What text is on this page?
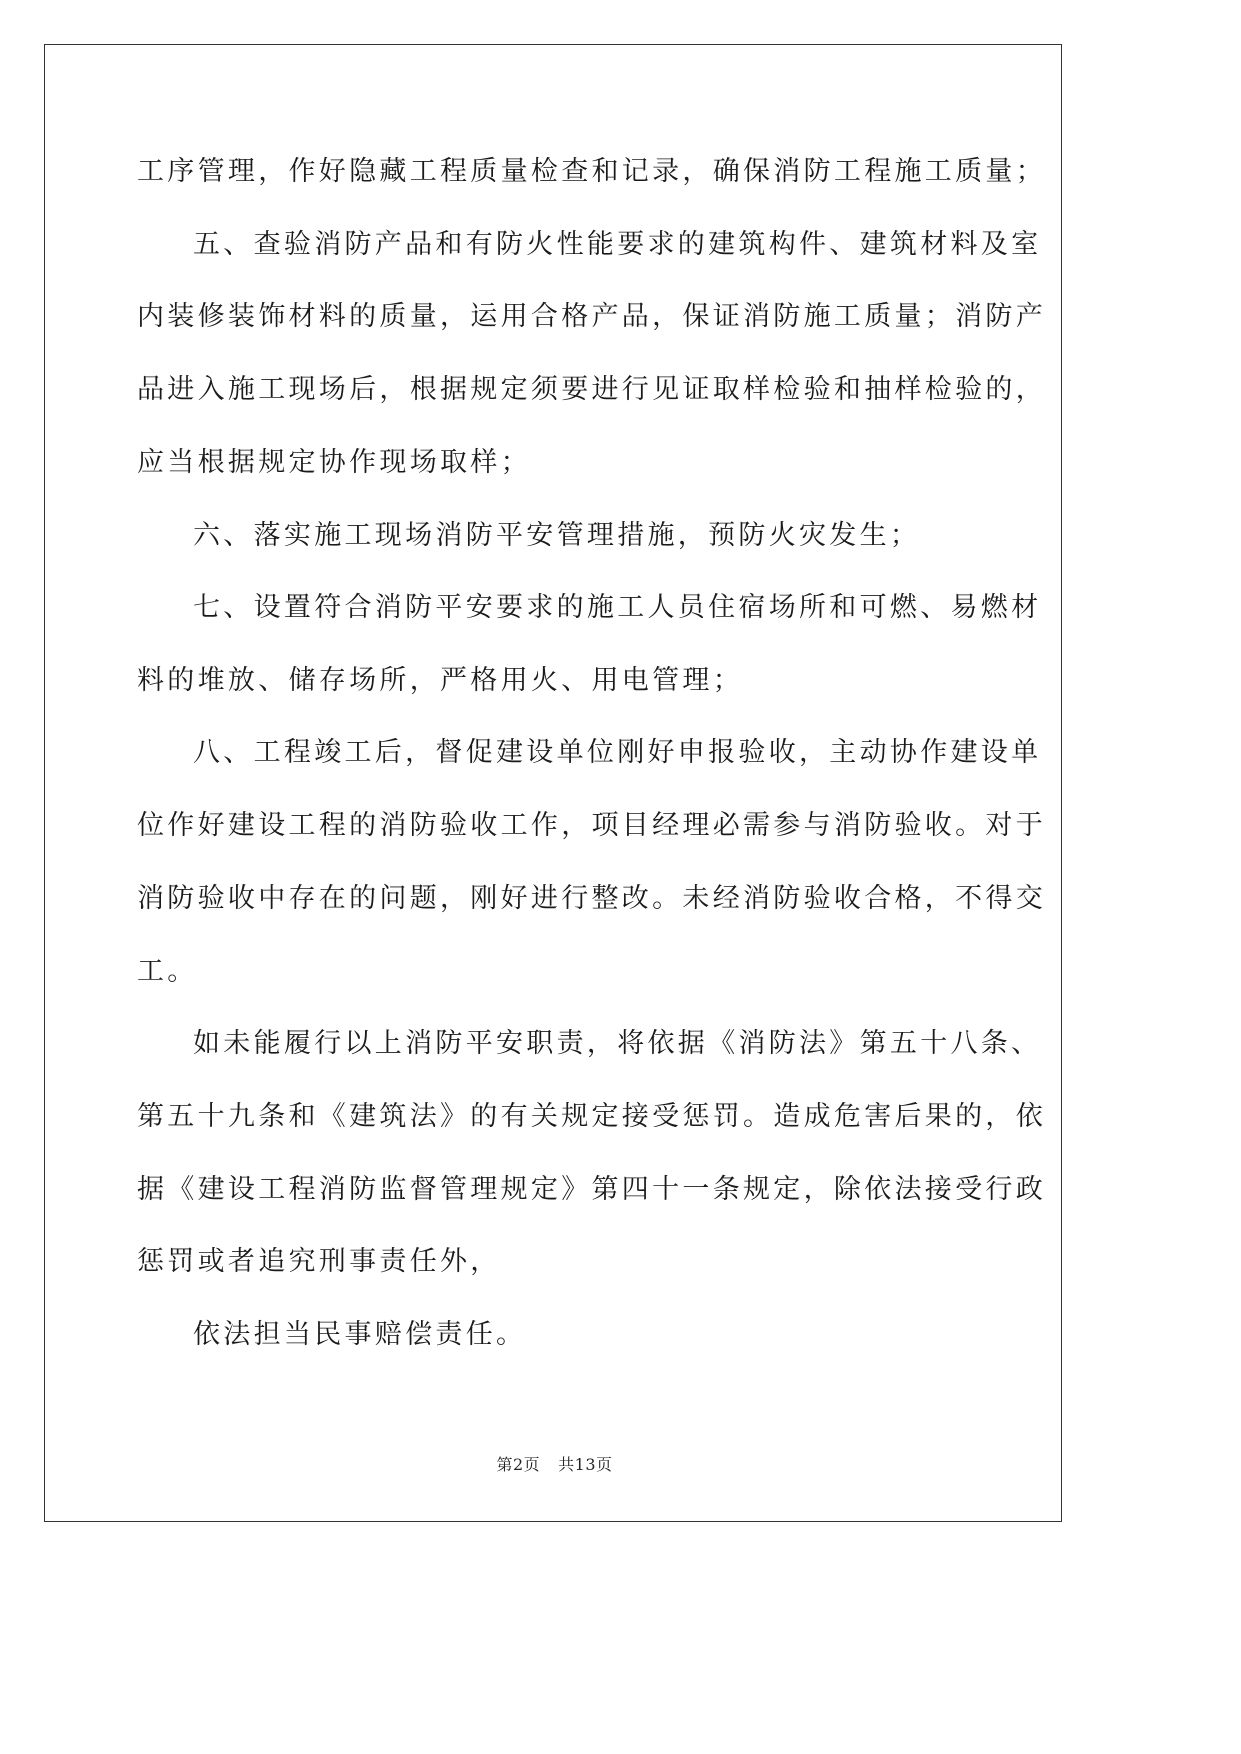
工序管理，作好隐藏工程质量检查和记录，确保消防工程施工质量；
五、查验消防产品和有防火性能要求的建筑构件、建筑材料及室
内装修装饰材料的质量，运用合格产品，保证消防施工质量；消防产
品进入施工现场后，根据规定须要进行见证取样检验和抽样检验的，
应当根据规定协作现场取样；
六、落实施工现场消防平安管理措施，预防火灾发生；
七、设置符合消防平安要求的施工人员住宿场所和可燃、易燃材
料的堆放、储存场所，严格用火、用电管理；
八、工程竣工后，督促建设单位刚好申报验收，主动协作建设单
位作好建设工程的消防验收工作，项目经理必需参与消防验收。对于
消防验收中存在的问题，刚好进行整改。未经消防验收合格，不得交
工。
如未能履行以上消防平安职责，将依据《消防法》第五十八条、
第五十九条和《建筑法》的有关规定接受惩罚。造成危害后果的，依
据《建设工程消防监督管理规定》第四十一条规定，除依法接受行政
惩罚或者追究刑事责任外，
依法担当民事赔偿责任。
第2页 共13页
